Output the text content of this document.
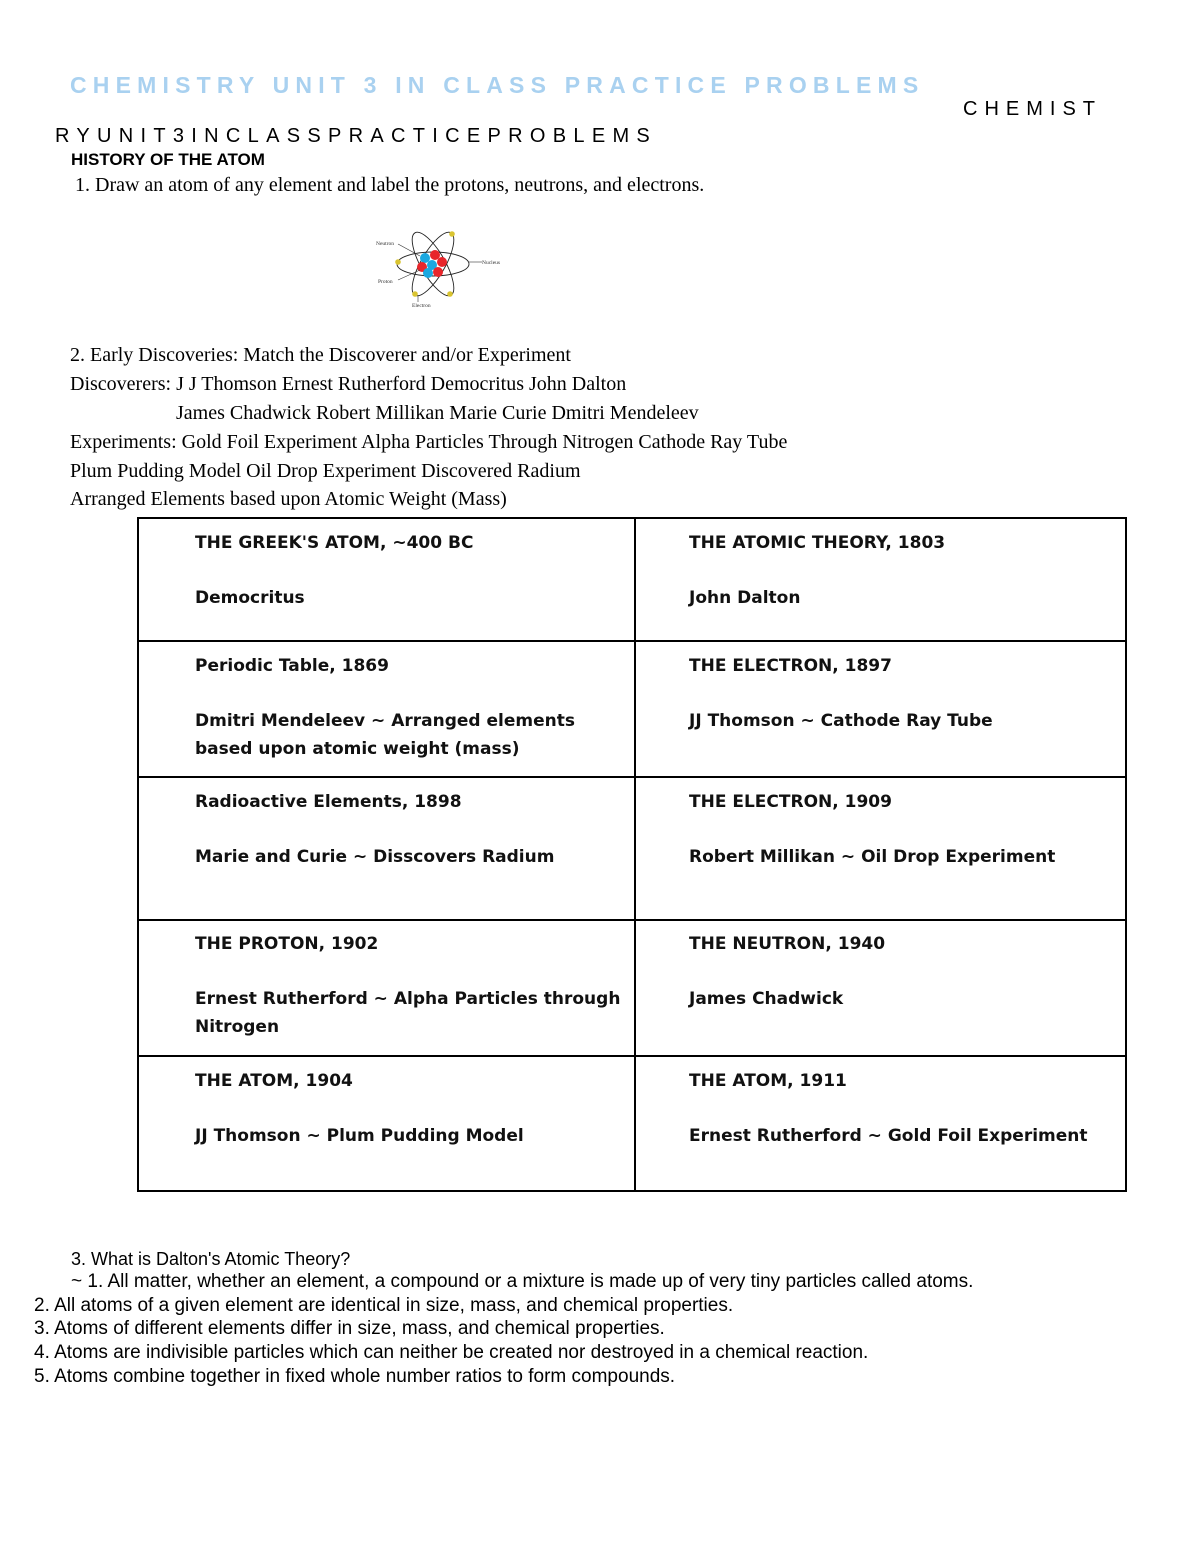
CHEMISTRY UNIT 3 IN CLASS PRACTICE PROBLEMS
CHEMIST
RYUNIT3INCLASSPRACTICEPROBLEMS
HISTORY OF THE ATOM
1. Draw an atom of any element and label the protons, neutrons, and electrons.
Neutron
Nucleus
Proton
Electron
2. Early Discoveries: Match the Discoverer and/or Experiment
Discoverers: J J Thomson Ernest Rutherford Democritus John Dalton
James Chadwick Robert Millikan Marie Curie Dmitri Mendeleev
Experiments: Gold Foil Experiment Alpha Particles Through Nitrogen Cathode Ray Tube
Plum Pudding Model Oil Drop Experiment Discovered Radium
Arranged Elements based upon Atomic Weight (Mass)
THE GREEK'S ATOM, ~400 BC
Democritus
THE ATOMIC THEORY, 1803
John Dalton
Periodic Table, 1869
Dmitri Mendeleev ~ Arranged elements based upon atomic weight (mass)
THE ELECTRON, 1897
JJ Thomson ~ Cathode Ray Tube
Radioactive Elements, 1898
Marie and Curie ~ Disscovers Radium
THE ELECTRON, 1909
Robert Millikan ~ Oil Drop Experiment
THE PROTON, 1902
Ernest Rutherford ~ Alpha Particles through Nitrogen
THE NEUTRON, 1940
James Chadwick
THE ATOM, 1904
JJ Thomson ~ Plum Pudding Model
THE ATOM, 1911
Ernest Rutherford ~ Gold Foil Experiment
3. What is Dalton's Atomic Theory?
~ 1. All matter, whether an element, a compound or a mixture is made up of very tiny particles called atoms.
2. All atoms of a given element are identical in size, mass, and chemical properties.
3. Atoms of different elements differ in size, mass, and chemical properties.
4. Atoms are indivisible particles which can neither be created nor destroyed in a chemical reaction.
5. Atoms combine together in fixed whole number ratios to form compounds.
